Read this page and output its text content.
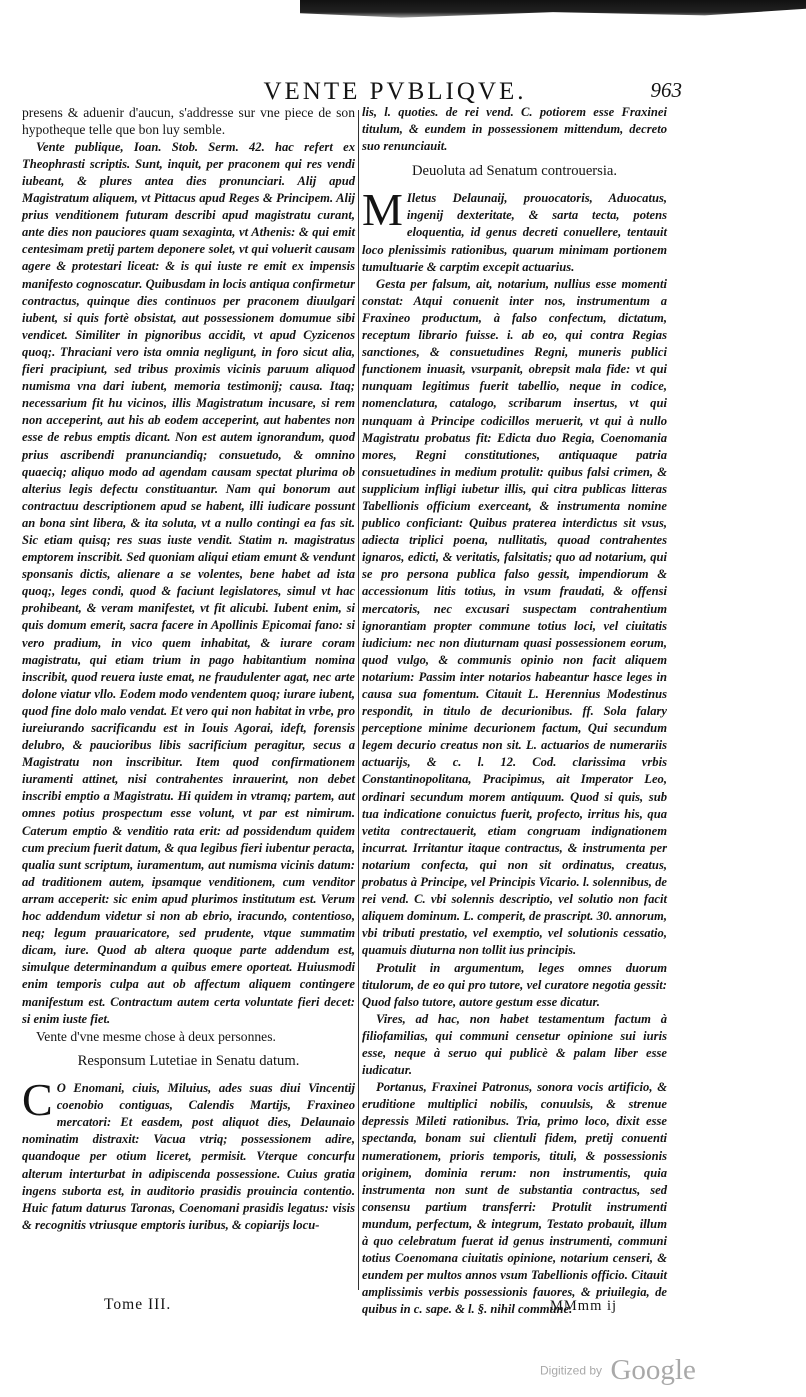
VENTE PVBLIQVE.	963

presens & aduenir d'aucun, s'addresse sur vne piece de son hypotheque telle que bon luy semble.

Vente publique, Ioan. Stob. Serm. 42. hac refert ex Theophrasti scriptis. Sunt, inquit, per praconem qui res vendi iubeant, & plures antea dies pronunciari. Alij apud Magistratum aliquem, vt Pittacus apud Reges & Principem. Alij prius venditionem futuram describi apud magistratu curant, ante dies non pauciores quam sexaginta, vt Athenis: & qui emit centesimam pretij partem deponere solet, vt qui voluerit causam agere & protestari liceat: & is qui iuste re emit ex impensis manifesto cognoscatur. Quibusdam in locis antiqua confirmetur contractus, quinque dies continuos per praconem diuulgari iubent, si quis fortè obsistat, aut possessionem domumue sibi vendicet. Similiter in pignoribus accidit, vt apud Cyzicenos quoq;. Thraciani vero ista omnia negligunt, in foro sicut alia, fieri pracipiunt, sed tribus proximis vicinis paruum aliquod numisma vna dari iubent, memoria testimonij; causa. Itaq; necessarium fit hu vicinos, illis Magistratum incusare, si rem non acceperint, aut his ab eodem acceperint, aut habentes non esse de rebus emptis dicant. Non est autem ignorandum, quod prius ascribendi pranunciandiq; consuetudo, & omnino quaeciq; aliquo modo ad agendam causam spectat plurima ob alterius legis defectu constituantur. Nam qui bonorum aut contractuu descriptionem apud se habent, illi iudicare possunt an bona sint libera, & ita soluta, vt a nullo contingi ea fas sit. Sic etiam quisq; res suas iuste vendit. Statim n. magistratus emptorem inscribit. Sed quoniam aliqui etiam emunt & vendunt sponsanis dictis, alienare a se volentes, bene habet ad ista quoq;, leges condi, quod & faciunt legislatores, simul vt hac prohibeant, & veram manifestet, vt fit alicubi. Iubent enim, si quis domum emerit, sacra facere in Apollinis Epicomai fano: si vero pradium, in vico quem inhabitat, & iurare coram magistratu, qui etiam trium in pago habitantium nomina inscribit, quod reuera iuste emat, ne fraudulenter agat, nec arte dolone viatur vllo. Eodem modo vendentem quoq; iurare iubent, quod fine dolo malo vendat. Et vero qui non habitat in vrbe, pro iureiurando sacrificandu est in Iouis Agorai, ideft, forensis delubro, & paucioribus libis sacrificium peragitur, secus a Magistratu non inscribitur. Item quod confirmationem iuramenti attinet, nisi contrahentes inrauerint, non debet inscribi emptio a Magistratu. Hi quidem in vtramq; partem, aut omnes potius prospectum esse volunt, vt par est nimirum. Caterum emptio & venditio rata erit: ad possidendum quidem cum precium fuerit datum, & qua legibus fieri iubentur peracta, qualia sunt scriptum, iuramentum, aut numisma vicinis datum: ad traditionem autem, ipsamque venditionem, cum venditor arram acceperit: sic enim apud plurimos institutum est. Verum hoc addendum videtur si non ab ebrio, iracundo, contentioso, neq; legum prauaricatore, sed prudente, vtque summatim dicam, iure. Quod ab altera quoque parte addendum est, simulque determinandum a quibus emere oporteat. Huiusmodi enim temporis culpa aut ob affectum aliquem contingere manifestum est. Contractum autem certa voluntate fieri decet: si enim iuste fiet.

Vente d'vne mesme chose à deux personnes.

Responsum Lutetiae in Senatu datum.

C O Enomani, ciuis, Miluius, ades suas diui Vincentij coenobio contiguas, Calendis Martijs, Fraxineo mercatori: Et easdem, post aliquot dies, Delaunaio nominatim distraxit: Vacua vtriq; possessionem adire, quandoque per otium liceret, permisit. Vterque concurfu alterum interturbat in adipiscenda possessione. Cuius gratia ingens suborta est, in auditorio prasidis prouincia contentio. Huic fatum daturus Taronas, Coenomani prasidis legatus: visis & recognitis vtriusque emptoris iuribus, & copiarijs locu-

lis, l. quoties. de rei vend. C. potiorem esse Fraxinei titulum, & eundem in possessionem mittendum, decreto suo renunciauit.

Deuoluta ad Senatum controuersia.

M Iletus Delaunaij, prouocatoris, Aduocatus, ingenij dexteritate, & sarta tecta, potens eloquentia, id genus decreti conuellere, tentauit loco plenissimis rationibus, quarum minimam portionem tumultuarie & carptim excepit actuarius.

Gesta per falsum, ait, notarium, nullius esse momenti constat: Atqui conuenit inter nos, instrumentum a Fraxineo productum, à falso confectum, dictatum, receptum librario fuisse. i. ab eo, qui contra Regias sanctiones, & consuetudines Regni, muneris publici functionem inuasit, vsurpanit, obrepsit mala fide: vt qui nunquam legitimus fuerit tabellio, neque in codice, nomenclatura, catalogo, scribarum insertus, vt qui nunquam à Principe codicillos meruerit, vt qui à nullo Magistratu probatus fit: Edicta duo Regia, Coenomania mores, Regni constitutiones, antiquaque patria consuetudines in medium protulit: quibus falsi crimen, & supplicium infligi iubetur illis, qui citra publicas litteras Tabellionis officium exerceant, & instrumenta nomine publico conficiant: Quibus praterea interdictus sit vsus, adiecta triplici poena, nullitatis, quoad contrahentes ignaros, edicti, & veritatis, falsitatis; quo ad notarium, qui se pro persona publica falso gessit, impendiorum & accessionum litis totius, in vsum fraudati, & offensi mercatoris, nec excusari suspectam contrahentium ignorantiam propter commune totius loci, vel ciuitatis iudicium: nec non diuturnam quasi possessionem eorum, quod vulgo, & communis opinio non facit aliquem notarium: Passim inter notarios habeantur hasce leges in causa sua fomentum. Citauit L. Herennius Modestinus respondit, in titulo de decurionibus. ff. Sola falary perceptione minime decurionem factum, Qui secundum legem decurio creatus non sit. L. actuarios de numerariis actuarijs, & c. l. 12. Cod. clarissima vrbis Constantinopolitana, Pracipimus, ait Imperator Leo, ordinari secundum morem antiquum. Quod si quis, sub tua indicatione conuictus fuerit, profecto, irritus his, qua vetita contrectauerit, etiam congruam indignationem incurrat. Irritantur itaque contractus, & instrumenta per notarium confecta, qui non sit ordinatus, creatus, probatus à Principe, vel Principis Vicario. l. solennibus, de rei vend. C. vbi solennis descriptio, vel solutio non facit aliquem dominum. L. comperit, de prascript. 30. annorum, vbi tributi prestatio, vel exemptio, vel solutionis cessatio, quamuis diuturna non tollit ius principis.

Protulit in argumentum, leges omnes duorum titulorum, de eo qui pro tutore, vel curatore negotia gessit: Quod falso tutore, autore gestum esse dicatur.

Vires, ad hac, non habet testamentum factum à filiofamilias, qui communi censetur opinione sui iuris esse, neque à seruo qui publicè & palam liber esse iudicatur.

Portanus, Fraxinei Patronus, sonora vocis artificio, & eruditione multiplici nobilis, conuulsis, & strenue depressis Mileti rationibus. Tria, primo loco, dixit esse spectanda, bonam sui clientuli fidem, pretij conuenti numerationem, prioris temporis, tituli, & possessionis originem, dominia rerum: non instrumentis, quia instrumenta non sunt de substantia contractus, sed consensu partium transferri: Protulit instrumenti mundum, perfectum, & integrum, Testato probauit, illum à quo celebratum fuerat id genus instrumenti, communi totius Coenomana ciuitatis opinione, notarium censeri, & eundem per multos annos vsum Tabellionis officio. Citauit amplissimis verbis possessionis fauores, & priuilegia, de quibus in c. sape. & l. §. nihil commune.

Tome III.	MMmm ij
Digitized by Google
